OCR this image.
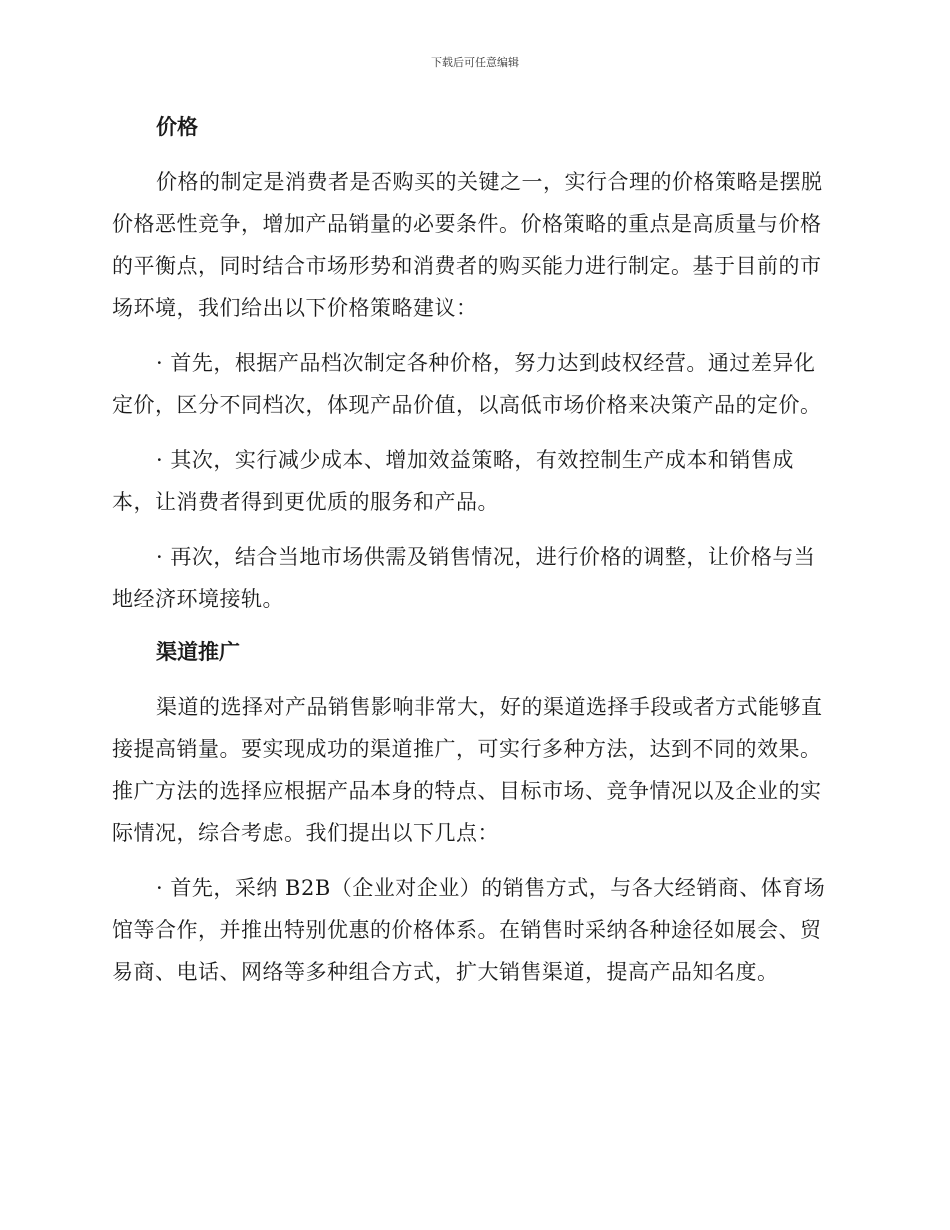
下载后可任意编辑
价格

价格的制定是消费者是否购买的关键之一，实行合理的价格策略是摆脱价格恶性竞争，增加产品销量的必要条件。价格策略的重点是高质量与价格的平衡点，同时结合市场形势和消费者的购买能力进行制定。基于目前的市场环境，我们给出以下价格策略建议：

· 首先，根据产品档次制定各种价格，努力达到歧权经营。通过差异化定价，区分不同档次，体现产品价值，以高低市场价格来决策产品的定价。

· 其次，实行减少成本、增加效益策略，有效控制生产成本和销售成本，让消费者得到更优质的服务和产品。

· 再次，结合当地市场供需及销售情况，进行价格的调整，让价格与当地经济环境接轨。

渠道推广

渠道的选择对产品销售影响非常大，好的渠道选择手段或者方式能够直接提高销量。要实现成功的渠道推广，可实行多种方法，达到不同的效果。推广方法的选择应根据产品本身的特点、目标市场、竞争情况以及企业的实际情况，综合考虑。我们提出以下几点：

· 首先，采纳 B2B（企业对企业）的销售方式，与各大经销商、体育场馆等合作，并推出特别优惠的价格体系。在销售时采纳各种途径如展会、贸易商、电话、网络等多种组合方式，扩大销售渠道，提高产品知名度。
